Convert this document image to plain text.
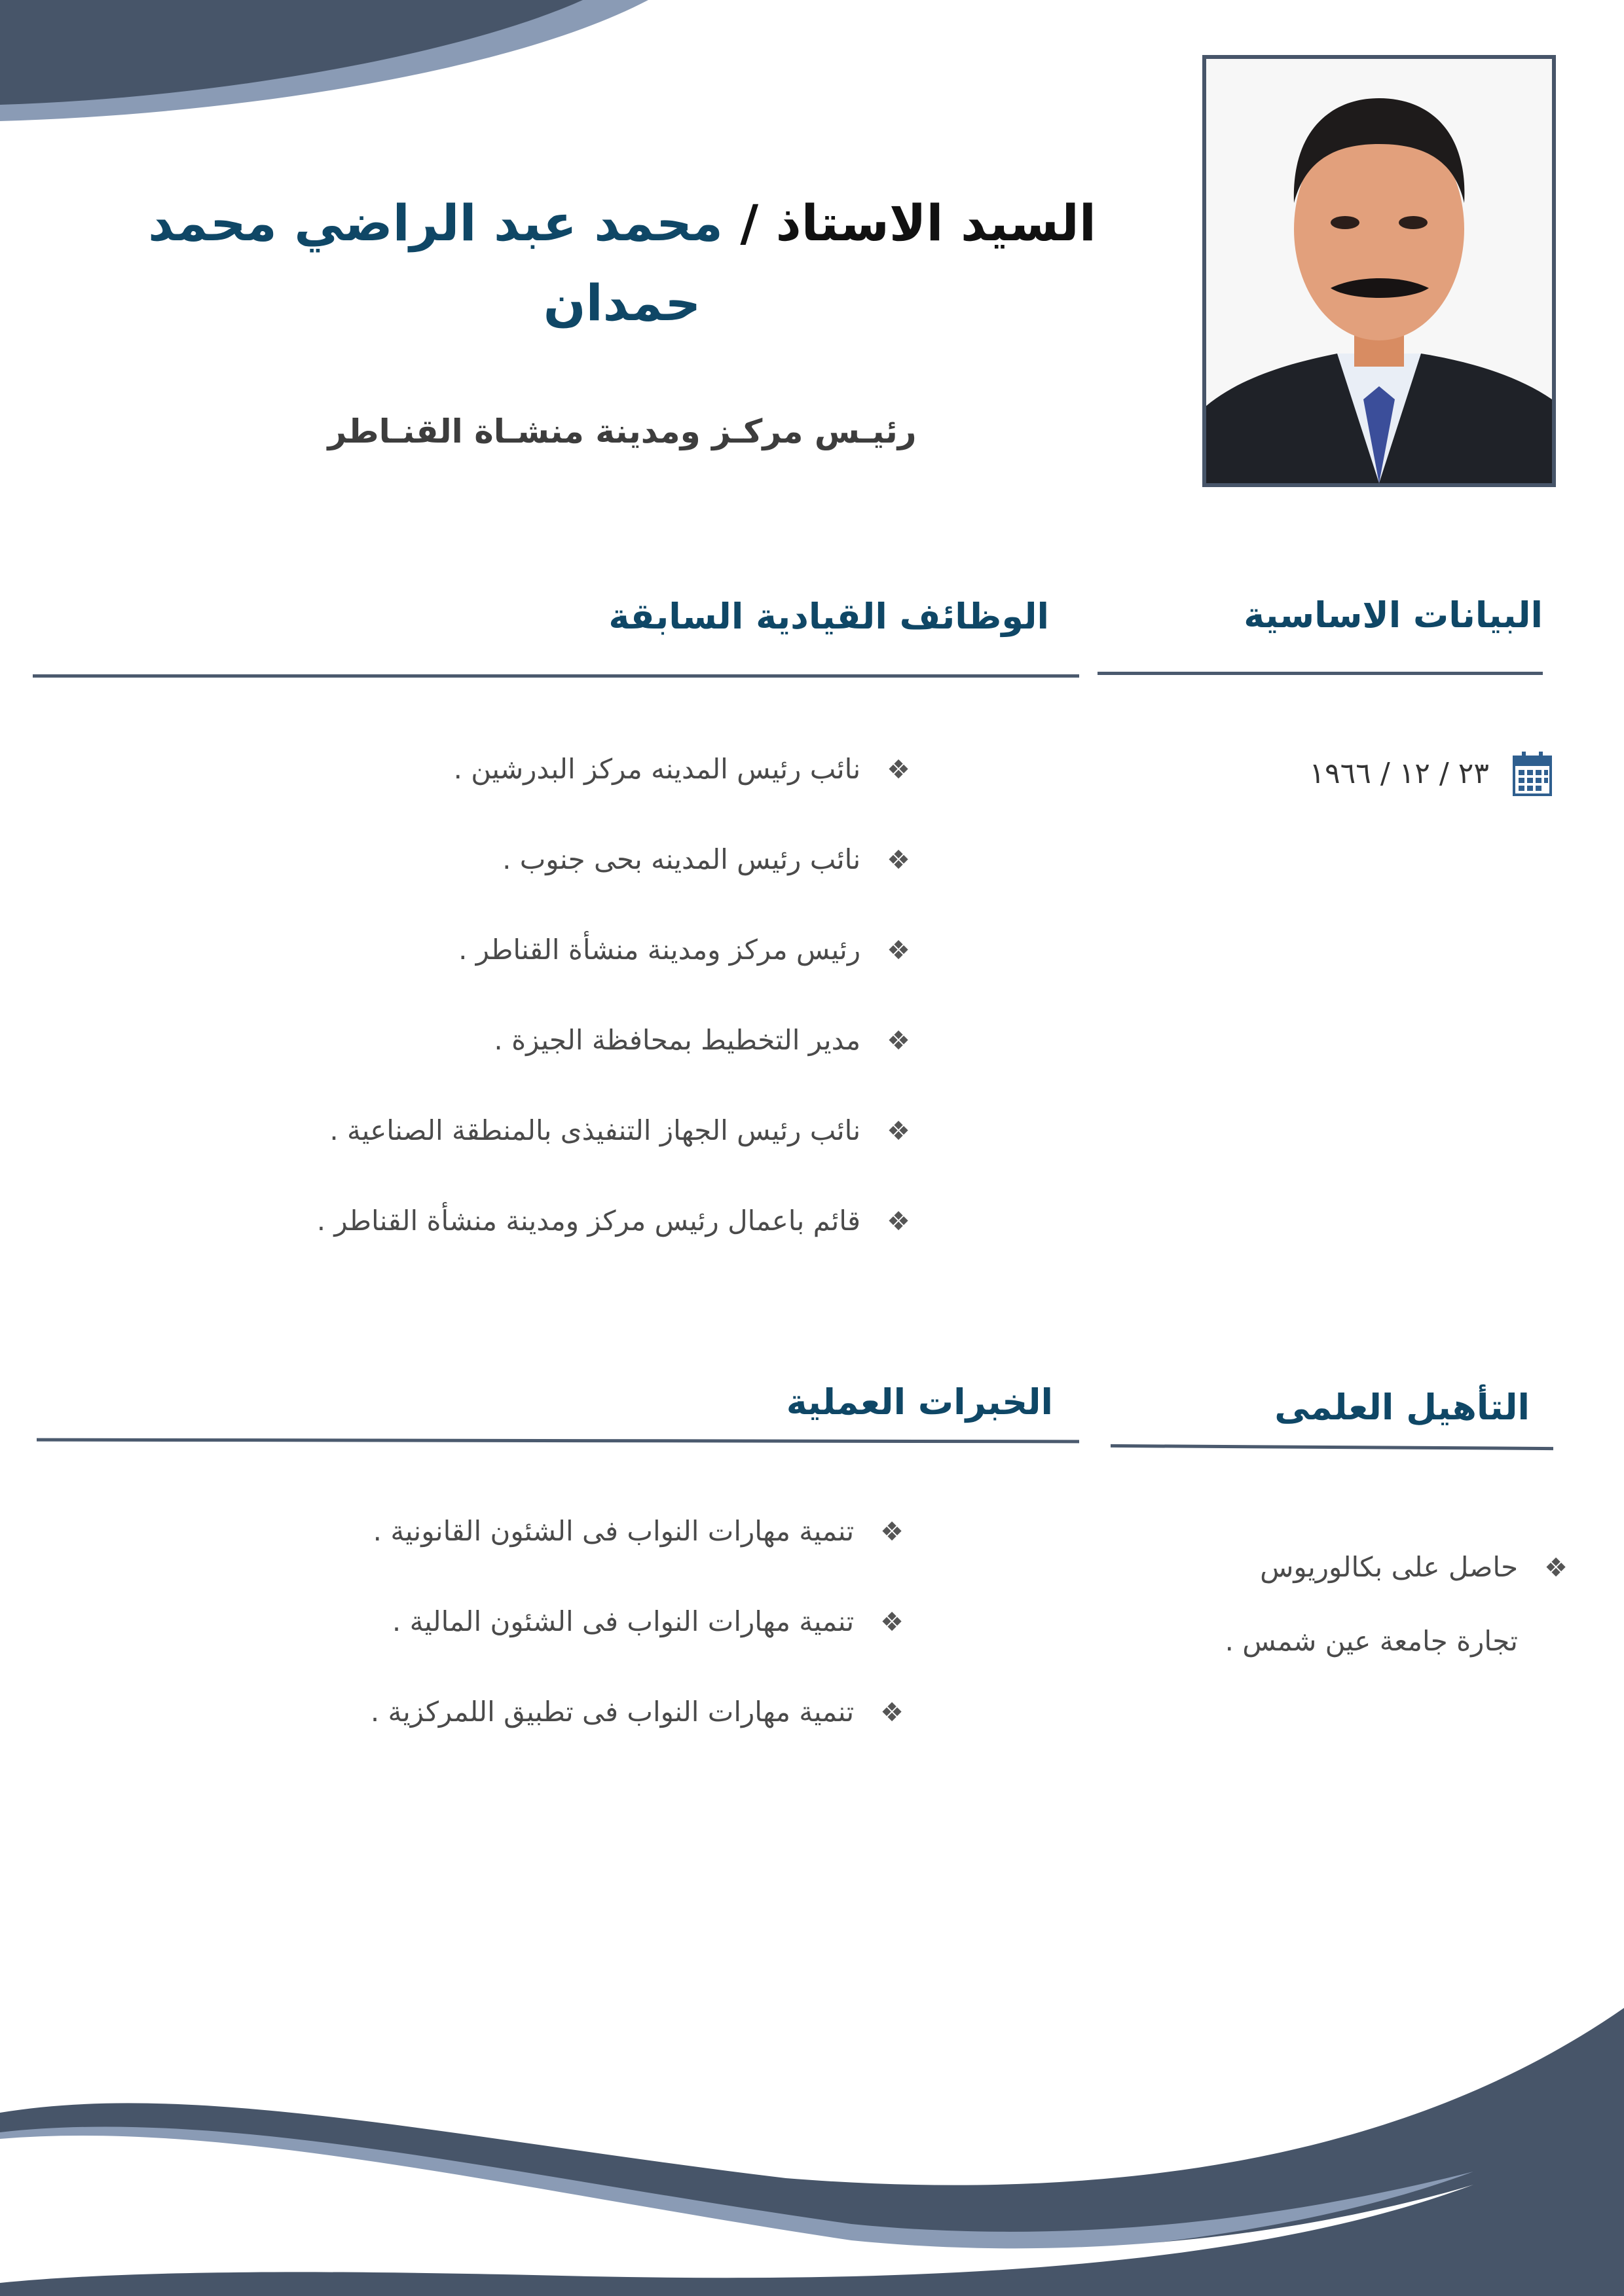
السيد الاستاذ / محمد عبد الراضي محمد حمدان
رئيـس مركـز ومدينة منشـاة القنـاطر
البيانات الاساسية
٢٣ / ١٢ / ١٩٦٦
الوظائف القيادية السابقة
❖نائب رئيس المدينه مركز البدرشين .
❖نائب رئيس المدينه بحى جنوب .
❖رئيس مركز ومدينة منشأة القناطر .
❖مدير التخطيط بمحافظة الجيزة .
❖نائب رئيس الجهاز التنفيذى بالمنطقة الصناعية .
❖قائم باعمال رئيس مركز ومدينة منشأة القناطر .
التأهيل العلمى
❖حاصل على بكالوريوس
تجارة جامعة عين شمس .
الخبرات العملية
❖تنمية مهارات النواب فى الشئون القانونية .
❖تنمية مهارات النواب فى الشئون المالية .
❖تنمية مهارات النواب فى تطبيق اللمركزية .
